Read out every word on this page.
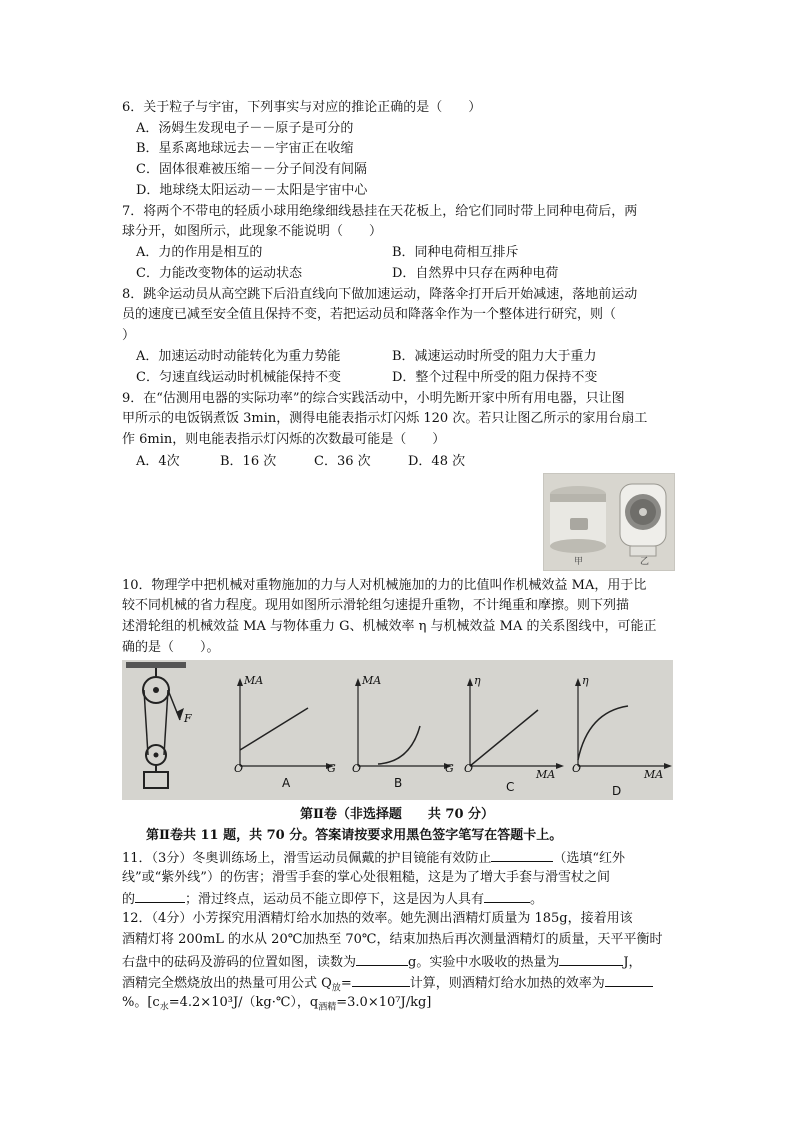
6．关于粒子与宇宙，下列事实与对应的推论正确的是（　　）
A．汤姆生发现电子－－原子是可分的
B．星系离地球远去－－宇宙正在收缩
C．固体很难被压缩－－分子间没有间隔
D．地球绕太阳运动－－太阳是宇宙中心
7．将两个不带电的轻质小球用绝缘细线悬挂在天花板上，给它们同时带上同种电荷后，两
球分开，如图所示，此现象不能说明（　　）
A．力的作用是相互的	B．同种电荷相互排斥
C．力能改变物体的运动状态	D．自然界中只存在两种电荷
8．跳伞运动员从高空跳下后沿直线向下做加速运动，降落伞打开后开始减速，落地前运动
员的速度已减至安全值且保持不变，若把运动员和降落伞作为一个整体进行研究，则（
）
A．加速运动时动能转化为重力势能	B．减速运动时所受的阻力大于重力
C．匀速直线运动时机械能保持不变	D．整个过程中所受的阻力保持不变
9．在“估测用电器的实际功率”的综合实践活动中，小明先断开家中所有用电器，只让图
甲所示的电饭锅煮饭 3min，测得电能表指示灯闪烁 120 次。若只让图乙所示的家用台扇工
作 6min，则电能表指示灯闪烁的次数最可能是（　　）
A．4次	B．16 次	C．36 次	D．48 次
甲	乙
10．物理学中把机械对重物施加的力与人对机械施加的力的比值叫作机械效益 MA，用于比
较不同机械的省力程度。现用如图所示滑轮组匀速提升重物，不计绳重和摩擦。则下列描
述滑轮组的机械效益 MA 与物体重力 G、机械效率 η 与机械效益 MA 的关系图线中，可能正
确的是（　　）。
F
MA
G
O
A
MA
G
O
B
η
MA
O
C
η
MA
O
D
第Ⅱ卷（非选择题　　共 70 分）
第Ⅱ卷共 11 题，共 70 分。答案请按要求用黑色签字笔写在答题卡上。
11．（3分）冬奥训练场上，滑雪运动员佩戴的护目镜能有效防止	（选填“红外
线”或“紫外线”）的伤害；滑雪手套的掌心处很粗糙，这是为了增大手套与滑雪杖之间
的	；滑过终点，运动员不能立即停下，这是因为人具有	。
12．（4分）小芳探究用酒精灯给水加热的效率。她先测出酒精灯质量为 185g，接着用该
酒精灯将 200mL 的水从 20℃加热至 70℃，结束加热后再次测量酒精灯的质量，天平平衡时
右盘中的砝码及游码的位置如图，读数为	g。实验中水吸收的热量为	J，
酒精完全燃烧放出的热量可用公式 $Q_放=$	计算，则酒精灯给水加热的效率为
%。[$c_水=4.2\times 10^3J/(kg\cdot℃)$，$q_{酒精}=3.0\times 10^7J/kg$]
